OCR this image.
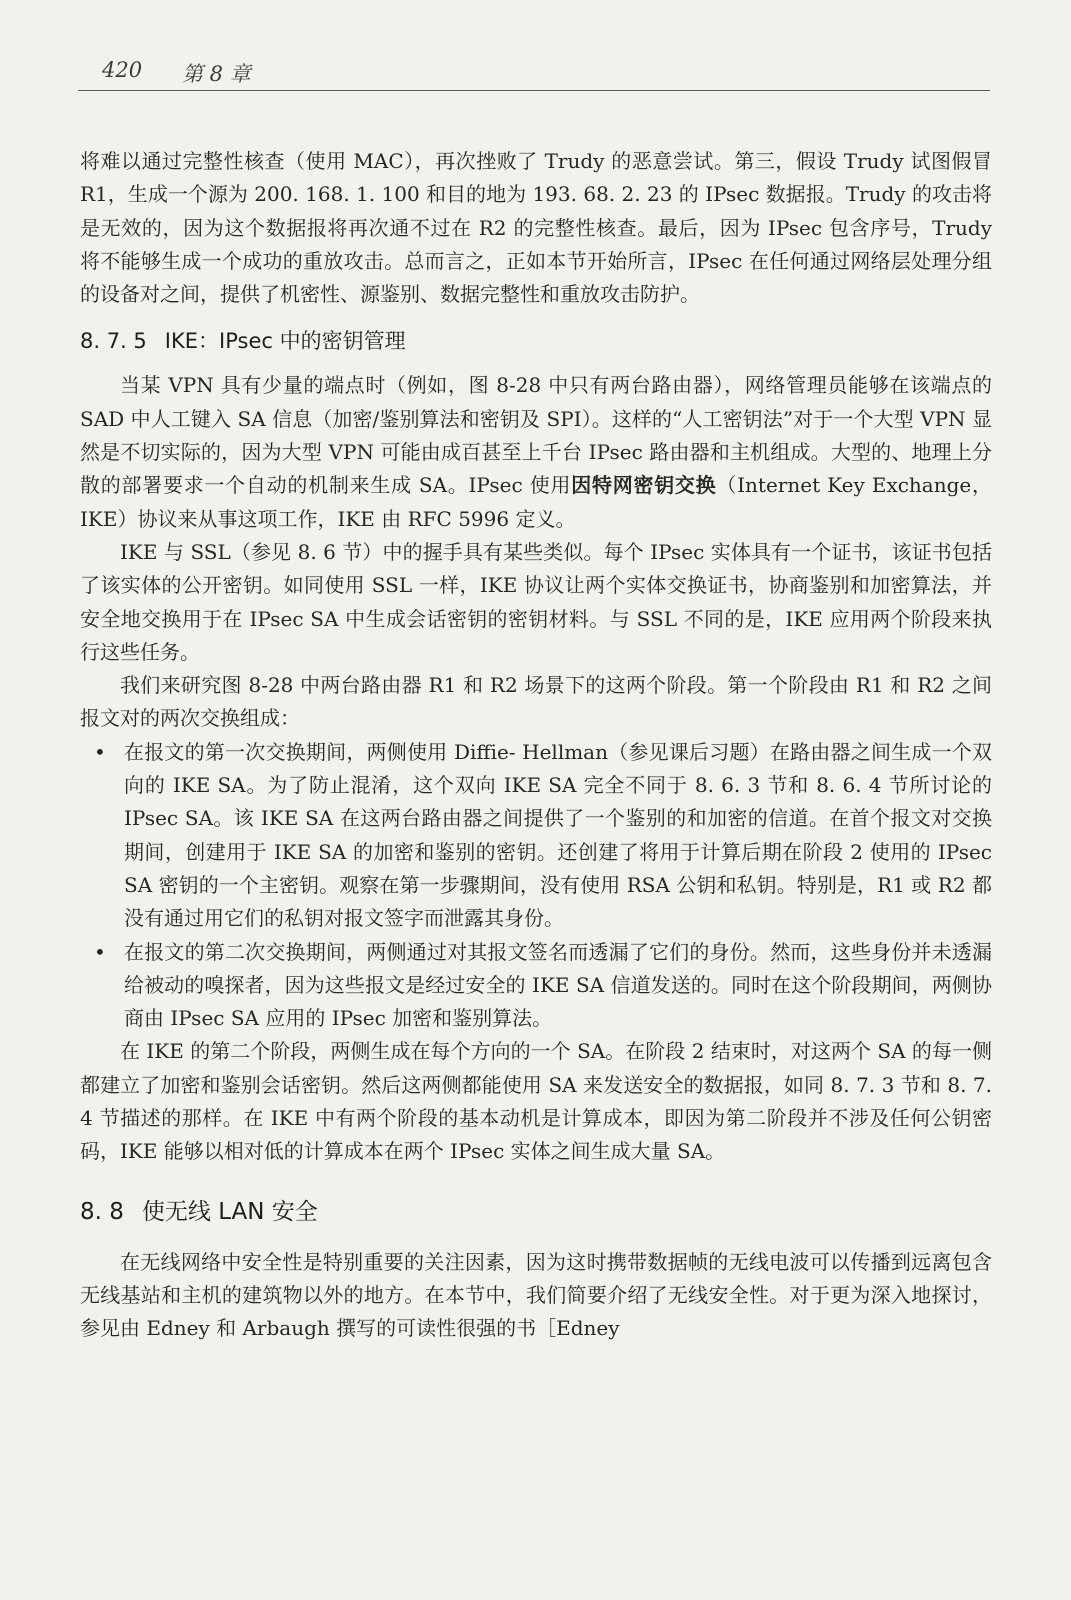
420 第 8 章

将难以通过完整性核查（使用 MAC），再次挫败了 Trudy 的恶意尝试。第三，假设 Trudy 试图假冒 R1，生成一个源为 200. 168. 1. 100 和目的地为 193. 68. 2. 23 的 IPsec 数据报。Trudy 的攻击将是无效的，因为这个数据报将再次通不过在 R2 的完整性核查。最后，因为 IPsec 包含序号，Trudy 将不能够生成一个成功的重放攻击。总而言之，正如本节开始所言，IPsec 在任何通过网络层处理分组的设备对之间，提供了机密性、源鉴别、数据完整性和重放攻击防护。

8. 7. 5 IKE：IPsec 中的密钥管理

当某 VPN 具有少量的端点时（例如，图 8-28 中只有两台路由器），网络管理员能够在该端点的 SAD 中人工键入 SA 信息（加密/鉴别算法和密钥及 SPI）。这样的“人工密钥法”对于一个大型 VPN 显然是不切实际的，因为大型 VPN 可能由成百甚至上千台 IPsec 路由器和主机组成。大型的、地理上分散的部署要求一个自动的机制来生成 SA。IPsec 使用因特网密钥交换（Internet Key Exchange，IKE）协议来从事这项工作，IKE 由 RFC 5996 定义。

IKE 与 SSL（参见 8. 6 节）中的握手具有某些类似。每个 IPsec 实体具有一个证书，该证书包括了该实体的公开密钥。如同使用 SSL 一样，IKE 协议让两个实体交换证书，协商鉴别和加密算法，并安全地交换用于在 IPsec SA 中生成会话密钥的密钥材料。与 SSL 不同的是，IKE 应用两个阶段来执行这些任务。

我们来研究图 8-28 中两台路由器 R1 和 R2 场景下的这两个阶段。第一个阶段由 R1 和 R2 之间报文对的两次交换组成：

• 在报文的第一次交换期间，两侧使用 Diffie- Hellman（参见课后习题）在路由器之间生成一个双向的 IKE SA。为了防止混淆，这个双向 IKE SA 完全不同于 8. 6. 3 节和 8. 6. 4 节所讨论的 IPsec SA。该 IKE SA 在这两台路由器之间提供了一个鉴别的和加密的信道。在首个报文对交换期间，创建用于 IKE SA 的加密和鉴别的密钥。还创建了将用于计算后期在阶段 2 使用的 IPsec SA 密钥的一个主密钥。观察在第一步骤期间，没有使用 RSA 公钥和私钥。特别是，R1 或 R2 都没有通过用它们的私钥对报文签字而泄露其身份。
• 在报文的第二次交换期间，两侧通过对其报文签名而透漏了它们的身份。然而，这些身份并未透漏给被动的嗅探者，因为这些报文是经过安全的 IKE SA 信道发送的。同时在这个阶段期间，两侧协商由 IPsec SA 应用的 IPsec 加密和鉴别算法。

在 IKE 的第二个阶段，两侧生成在每个方向的一个 SA。在阶段 2 结束时，对这两个 SA 的每一侧都建立了加密和鉴别会话密钥。然后这两侧都能使用 SA 来发送安全的数据报，如同 8. 7. 3 节和 8. 7. 4 节描述的那样。在 IKE 中有两个阶段的基本动机是计算成本，即因为第二阶段并不涉及任何公钥密码，IKE 能够以相对低的计算成本在两个 IPsec 实体之间生成大量 SA。

8. 8 使无线 LAN 安全

在无线网络中安全性是特别重要的关注因素，因为这时携带数据帧的无线电波可以传播到远离包含无线基站和主机的建筑物以外的地方。在本节中，我们简要介绍了无线安全性。对于更为深入地探讨，参见由 Edney 和 Arbaugh 撰写的可读性很强的书［Edney
